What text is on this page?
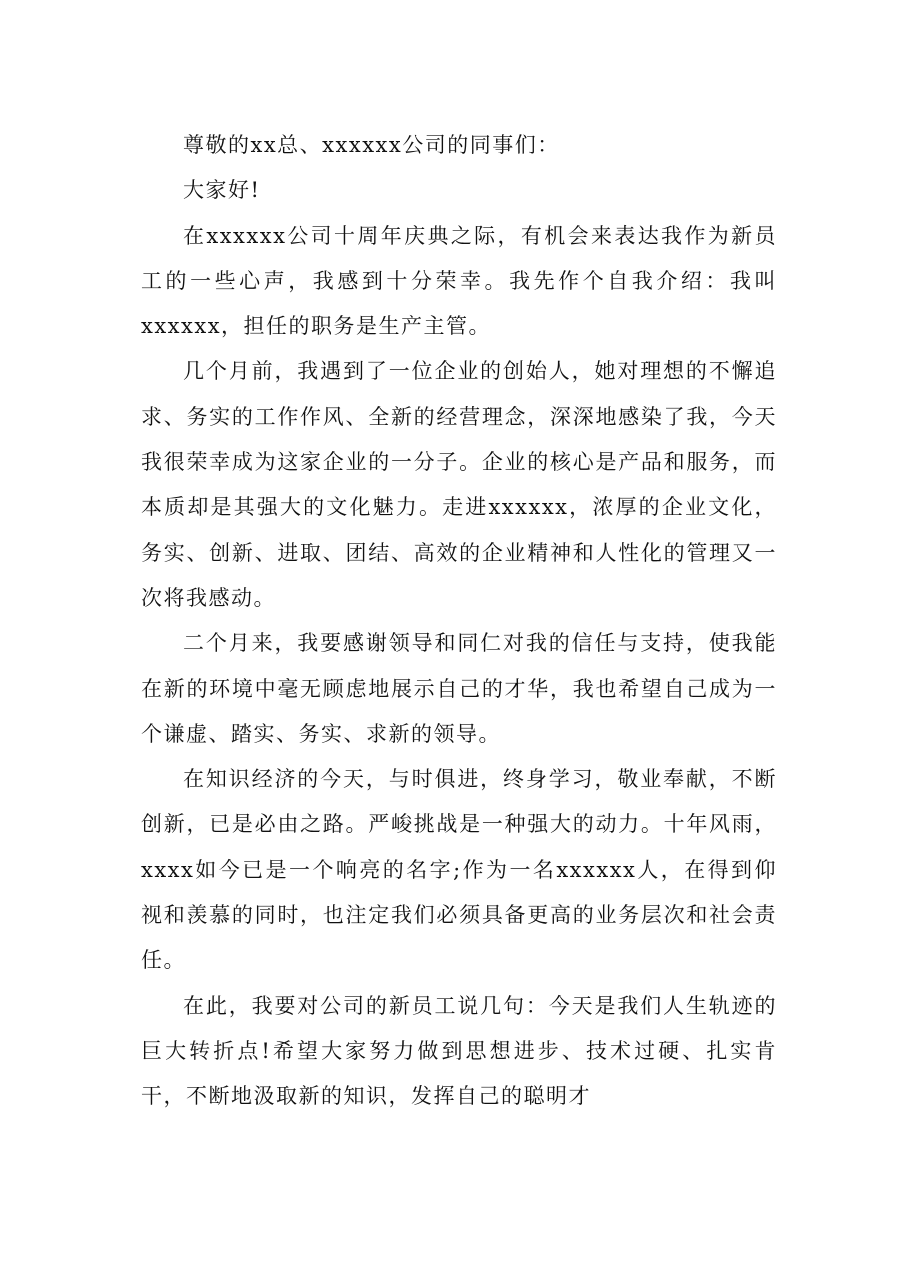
尊敬的xx总、xxxxxx公司的同事们：

大家好!

在xxxxxx公司十周年庆典之际，有机会来表达我作为新员工的一些心声，我感到十分荣幸。我先作个自我介绍：我叫xxxxxx，担任的职务是生产主管。

几个月前，我遇到了一位企业的创始人，她对理想的不懈追求、务实的工作作风、全新的经营理念，深深地感染了我，今天我很荣幸成为这家企业的一分子。企业的核心是产品和服务，而本质却是其强大的文化魅力。走进xxxxxx，浓厚的企业文化，务实、创新、进取、团结、高效的企业精神和人性化的管理又一次将我感动。

二个月来，我要感谢领导和同仁对我的信任与支持，使我能在新的环境中毫无顾虑地展示自己的才华，我也希望自己成为一个谦虚、踏实、务实、求新的领导。

在知识经济的今天，与时俱进，终身学习，敬业奉献，不断创新，已是必由之路。严峻挑战是一种强大的动力。十年风雨，xxxx如今已是一个响亮的名字;作为一名xxxxxx人，在得到仰视和羡慕的同时，也注定我们必须具备更高的业务层次和社会责任。

在此，我要对公司的新员工说几句：今天是我们人生轨迹的巨大转折点!希望大家努力做到思想进步、技术过硬、扎实肯干，不断地汲取新的知识，发挥自己的聪明才
